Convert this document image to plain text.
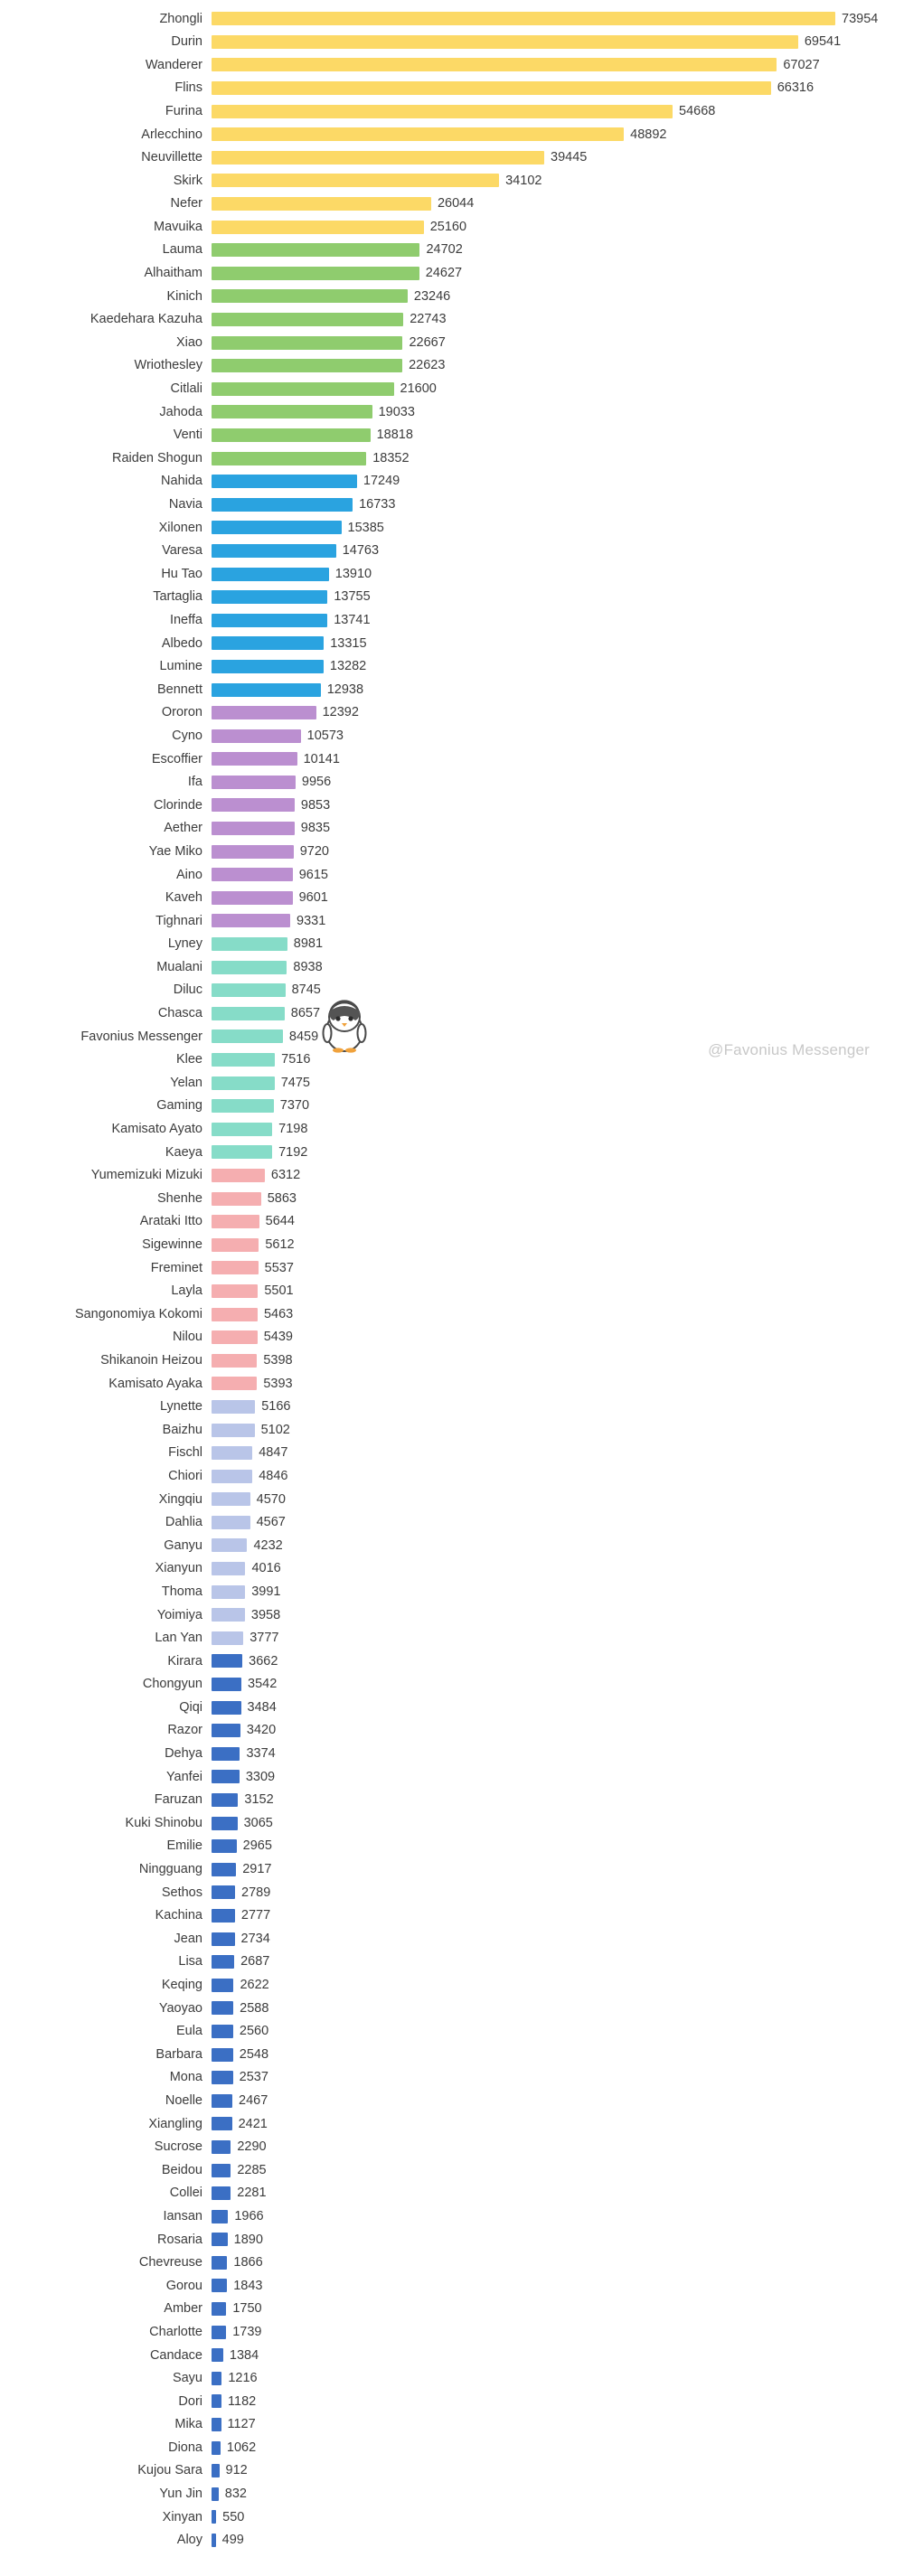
Zhongli	73954
Durin	69541
Wanderer	67027
Flins	66316
Furina	54668
Arlecchino	48892
Neuvillette	39445
Skirk	34102
Nefer	26044
Mavuika	25160
Lauma	24702
Alhaitham	24627
Kinich	23246
Kaedehara Kazuha	22743
Xiao	22667
Wriothesley	22623
Citlali	21600
Jahoda	19033
Venti	18818
Raiden Shogun	18352
Nahida	17249
Navia	16733
Xilonen	15385
Varesa	14763
Hu Tao	13910
Tartaglia	13755
Ineffa	13741
Albedo	13315
Lumine	13282
Bennett	12938
Ororon	12392
Cyno	10573
Escoffier	10141
Ifa	9956
Clorinde	9853
Aether	9835
Yae Miko	9720
Aino	9615
Kaveh	9601
Tighnari	9331
Lyney	8981
Mualani	8938
Diluc	8745
Chasca	8657
Favonius Messenger	8459
Klee	7516
Yelan	7475
Gaming	7370
Kamisato Ayato	7198
Kaeya	7192
Yumemizuki Mizuki	6312
Shenhe	5863
Arataki Itto	5644
Sigewinne	5612
Freminet	5537
Layla	5501
Sangonomiya Kokomi	5463
Nilou	5439
Shikanoin Heizou	5398
Kamisato Ayaka	5393
Lynette	5166
Baizhu	5102
Fischl	4847
Chiori	4846
Xingqiu	4570
Dahlia	4567
Ganyu	4232
Xianyun	4016
Thoma	3991
Yoimiya	3958
Lan Yan	3777
Kirara	3662
Chongyun	3542
Qiqi	3484
Razor	3420
Dehya	3374
Yanfei	3309
Faruzan	3152
Kuki Shinobu	3065
Emilie	2965
Ningguang	2917
Sethos	2789
Kachina	2777
Jean	2734
Lisa	2687
Keqing	2622
Yaoyao	2588
Eula	2560
Barbara	2548
Mona	2537
Noelle	2467
Xiangling	2421
Sucrose	2290
Beidou	2285
Collei	2281
Iansan	1966
Rosaria	1890
Chevreuse	1866
Gorou	1843
Amber	1750
Charlotte	1739
Candace	1384
Sayu	1216
Dori	1182
Mika	1127
Diona	1062
Kujou Sara	912
Yun Jin	832
Xinyan	550
Aloy	499
@Favonius Messenger
